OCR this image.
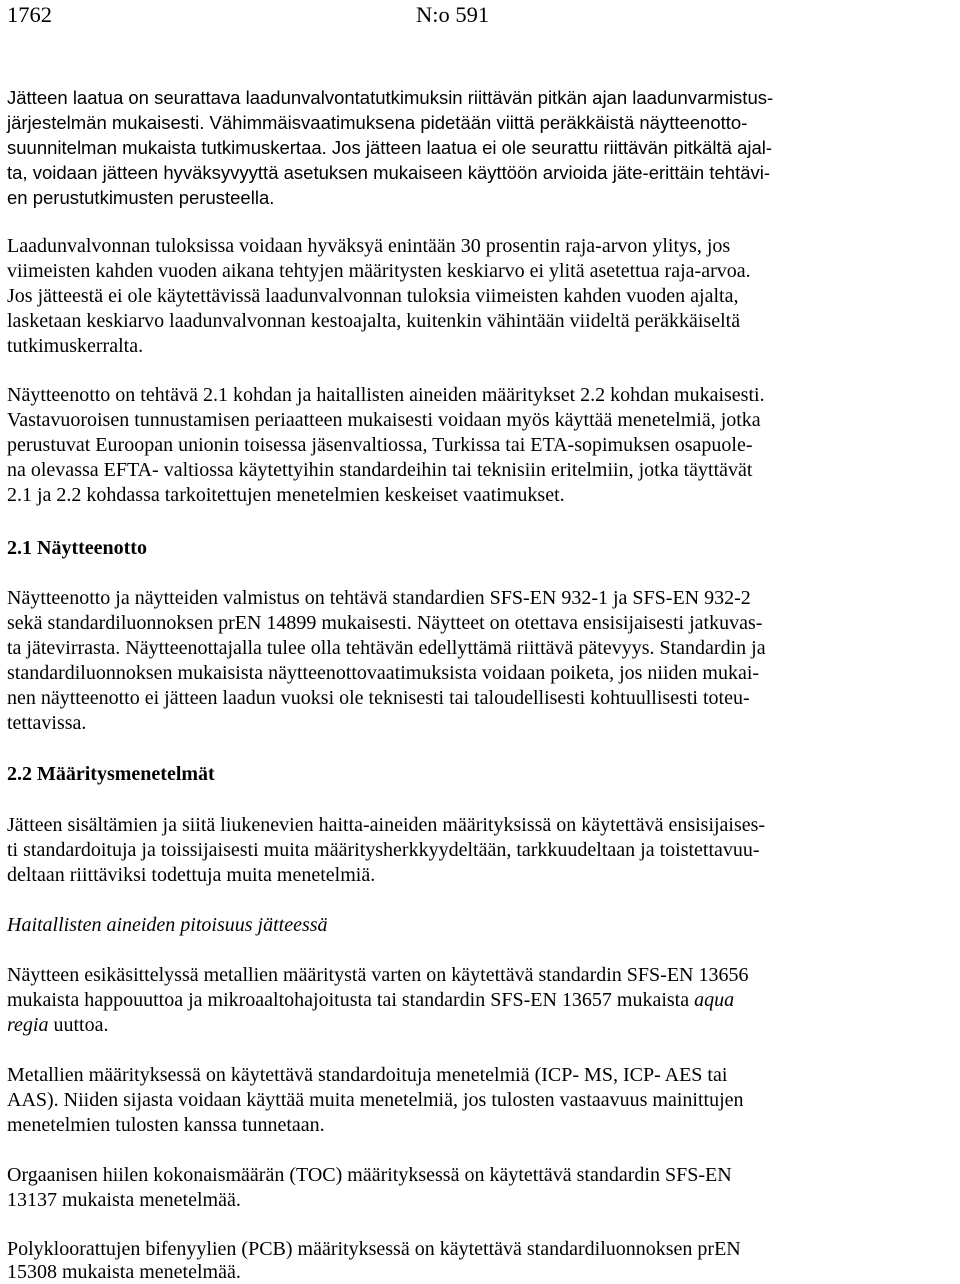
1762	N:o 591
Jätteen laatua on seurattava laadunvalvontatutkimuksin riittävän pitkän ajan laadunvarmistus-
järjestelmän mukaisesti. Vähimmäisvaatimuksena pidetään viittä peräkkäistä näytteenotto-
suunnitelman mukaista tutkimuskertaa. Jos jätteen laatua ei ole seurattu riittävän pitkältä ajal-
ta, voidaan jätteen hyväksyvyyttä asetuksen mukaiseen käyttöön arvioida jäte-erittäin tehtävi-
en perustutkimusten perusteella.
Laadunvalvonnan tuloksissa voidaan hyväksyä enintään 30 prosentin raja-arvon ylitys, jos
viimeisten kahden vuoden aikana tehtyjen määritysten keskiarvo ei ylitä asetettua raja-arvoa.
Jos jätteestä ei ole käytettävissä laadunvalvonnan tuloksia viimeisten kahden vuoden ajalta,
lasketaan keskiarvo laadunvalvonnan kestoajalta, kuitenkin vähintään viideltä peräkkäiseltä
tutkimuskerralta.
Näytteenotto on tehtävä 2.1 kohdan ja haitallisten aineiden määritykset 2.2 kohdan mukaisesti.
Vastavuoroisen tunnustamisen periaatteen mukaisesti voidaan myös käyttää menetelmiä, jotka
perustuvat Euroopan unionin toisessa jäsenvaltiossa, Turkissa tai ETA-sopimuksen osapuole-
na olevassa EFTA- valtiossa käytettyihin standardeihin tai teknisiin eritelmiin, jotka täyttävät
2.1 ja 2.2 kohdassa tarkoitettujen menetelmien keskeiset vaatimukset.
2.1 Näytteenotto
Näytteenotto ja näytteiden valmistus on tehtävä standardien SFS-EN 932-1 ja SFS-EN 932-2
sekä standardiluonnoksen prEN 14899 mukaisesti. Näytteet on otettava ensisijaisesti jatkuvas-
ta jätevirrasta. Näytteenottajalla tulee olla tehtävän edellyttämä riittävä pätevyys. Standardin ja
standardiluonnoksen mukaisista näytteenottovaatimuksista voidaan poiketa, jos niiden mukai-
nen näytteenotto ei jätteen laadun vuoksi ole teknisesti tai taloudellisesti kohtuullisesti toteu-
tettavissa.
2.2 Määritysmenetelmät
Jätteen sisältämien ja siitä liukenevien haitta-aineiden määrityksissä on käytettävä ensisijaises-
ti standardoituja ja toissijaisesti muita määritysherkkyydeltään, tarkkuudeltaan ja toistettavuu-
deltaan riittäviksi todettuja muita menetelmiä.
Haitallisten aineiden pitoisuus jätteessä
Näytteen esikäsittelyssä metallien määritystä varten on käytettävä standardin SFS-EN 13656
mukaista happouuttoa ja mikroaaltohajoitusta tai standardin SFS-EN 13657 mukaista aqua
regia uuttoa.
Metallien määrityksessä on käytettävä standardoituja menetelmiä (ICP- MS, ICP- AES tai
AAS). Niiden sijasta voidaan käyttää muita menetelmiä, jos tulosten vastaavuus mainittujen
menetelmien tulosten kanssa tunnetaan.
Orgaanisen hiilen kokonaismäärän (TOC) määrityksessä on käytettävä standardin SFS-EN
13137 mukaista menetelmää.
Polykloorattujen bifenyylien (PCB) määrityksessä on käytettävä standardiluonnoksen prEN
15308 mukaista menetelmää.
